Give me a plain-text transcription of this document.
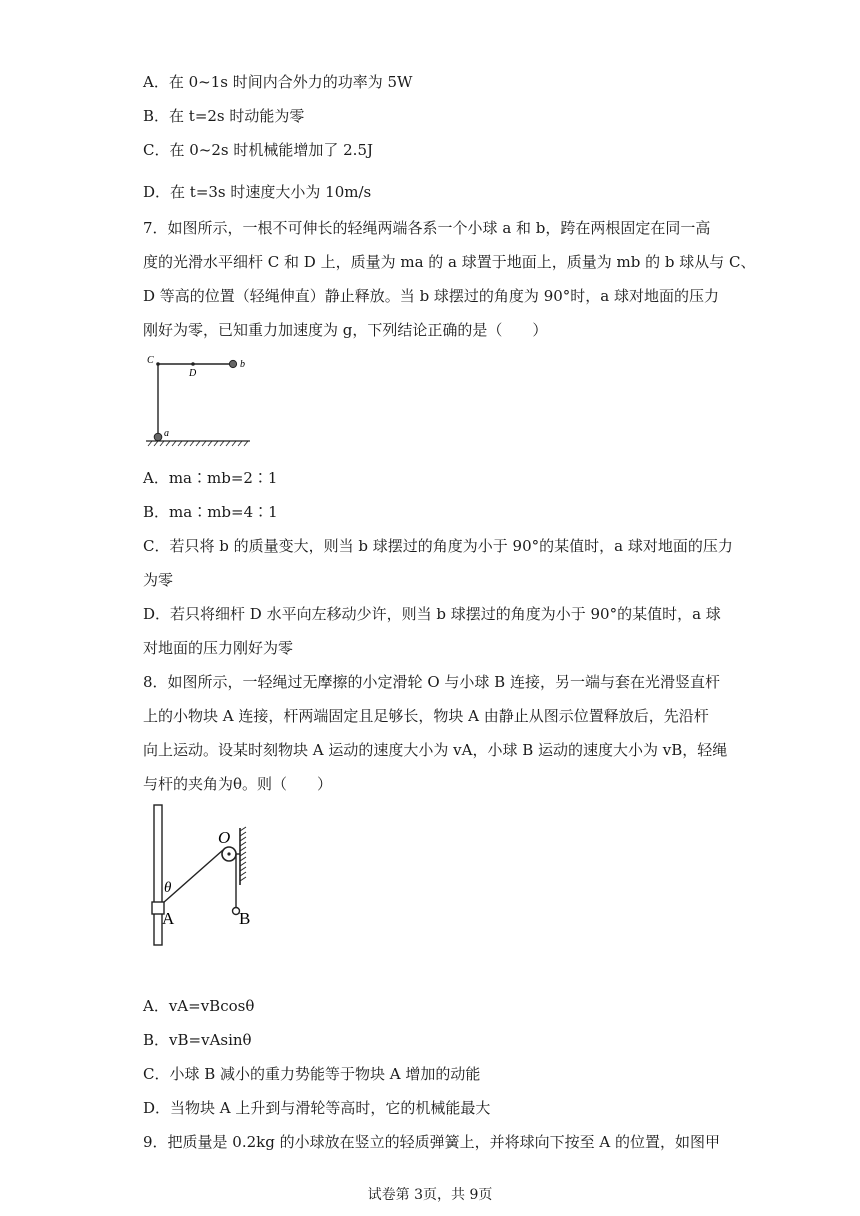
A．在 0~1s 时间内合外力的功率为 5W
B．在 t=2s 时动能为零
C．在 0~2s 时机械能增加了 2.5J
D．在 t=3s 时速度大小为 10m/s
7．如图所示，一根不可伸长的轻绳两端各系一个小球 a 和 b，跨在两根固定在同一高
度的光滑水平细杆 C 和 D 上，质量为 ma 的 a 球置于地面上，质量为 mb 的 b 球从与 C、
D 等高的位置（轻绳伸直）静止释放。当 b 球摆过的角度为 90°时，a 球对地面的压力
刚好为零，已知重力加速度为 g，下列结论正确的是（　　）
C
D
b
a
A．ma∶mb=2∶1
B．ma∶mb=4∶1
C．若只将 b 的质量变大，则当 b 球摆过的角度为小于 90°的某值时，a 球对地面的压力
为零
D．若只将细杆 D 水平向左移动少许，则当 b 球摆过的角度为小于 90°的某值时，a 球
对地面的压力刚好为零
8．如图所示，一轻绳过无摩擦的小定滑轮 O 与小球 B 连接，另一端与套在光滑竖直杆
上的小物块 A 连接，杆两端固定且足够长，物块 A 由静止从图示位置释放后，先沿杆
向上运动。设某时刻物块 A 运动的速度大小为 vA，小球 B 运动的速度大小为 vB，轻绳
与杆的夹角为θ。则（　　）
O
θ
A	B
A．vA=vBcosθ
B．vB=vAsinθ
C．小球 B 减小的重力势能等于物块 A 增加的动能
D．当物块 A 上升到与滑轮等高时，它的机械能最大
9．把质量是 0.2kg 的小球放在竖立的轻质弹簧上，并将球向下按至 A 的位置，如图甲
试卷第 3页，共 9页
